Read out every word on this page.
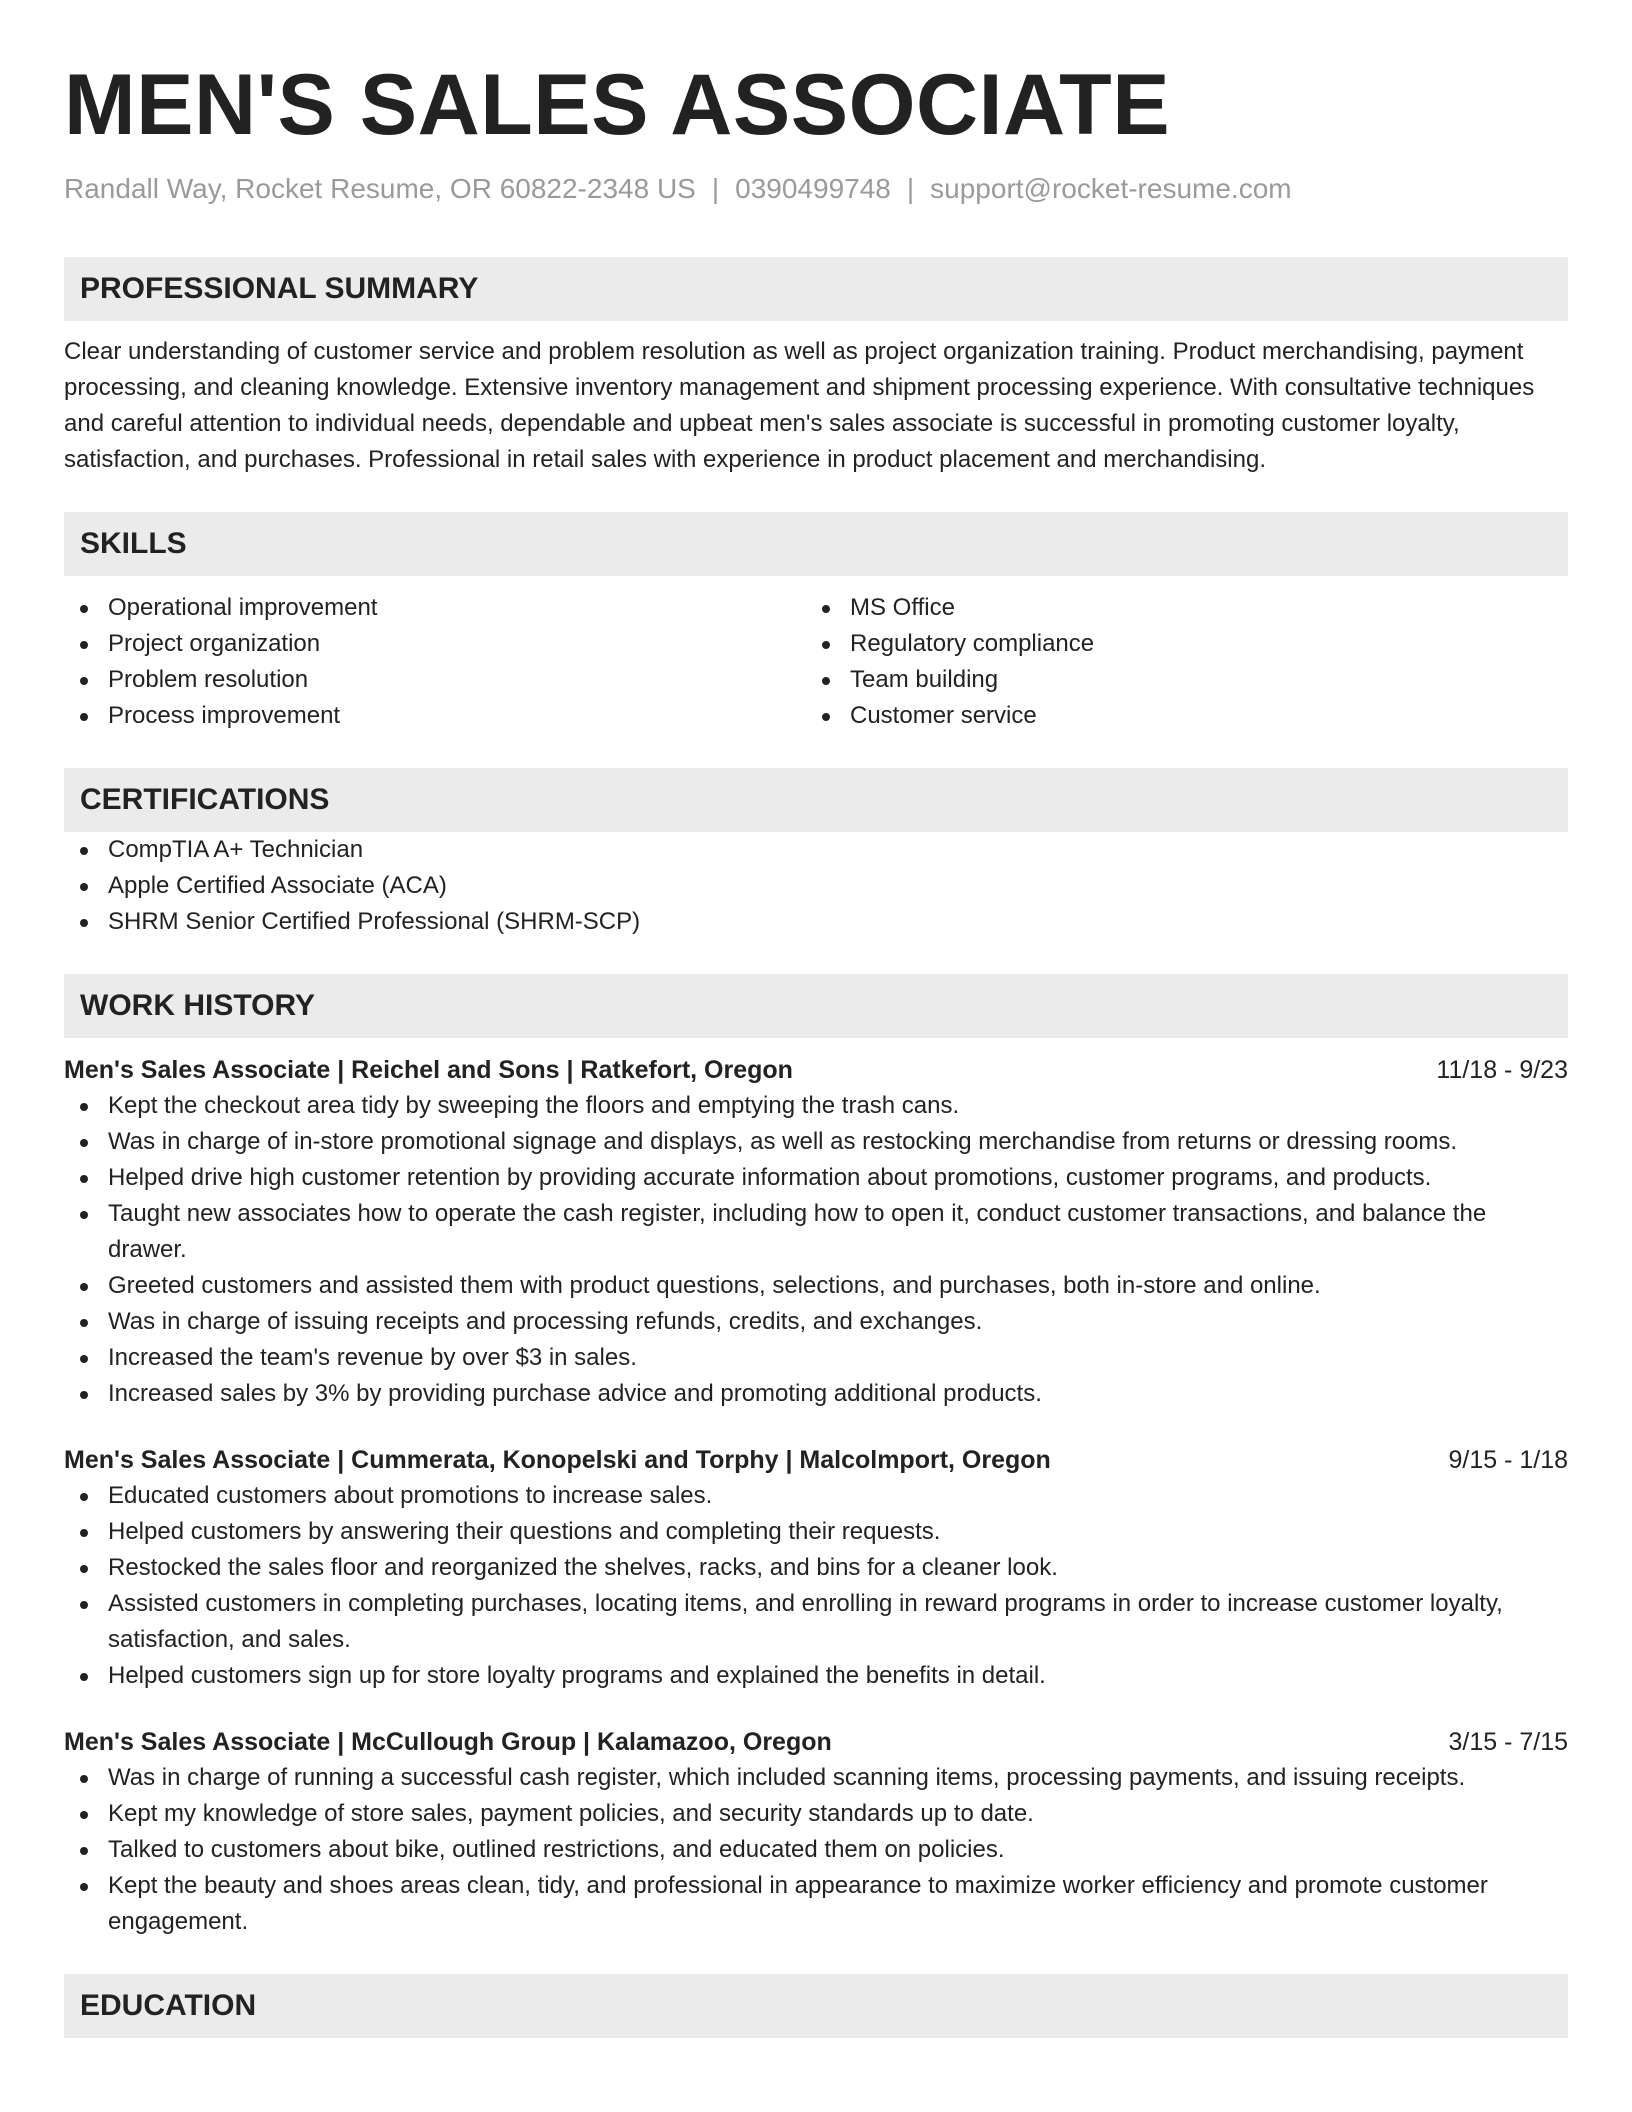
MEN'S SALES ASSOCIATE
Randall Way, Rocket Resume, OR 60822-2348 US | 0390499748 | support@rocket-resume.com
PROFESSIONAL SUMMARY
Clear understanding of customer service and problem resolution as well as project organization training. Product merchandising, payment processing, and cleaning knowledge. Extensive inventory management and shipment processing experience. With consultative techniques and careful attention to individual needs, dependable and upbeat men's sales associate is successful in promoting customer loyalty, satisfaction, and purchases. Professional in retail sales with experience in product placement and merchandising.
SKILLS
Operational improvement
Project organization
Problem resolution
Process improvement
MS Office
Regulatory compliance
Team building
Customer service
CERTIFICATIONS
CompTIA A+ Technician
Apple Certified Associate (ACA)
SHRM Senior Certified Professional (SHRM-SCP)
WORK HISTORY
Men's Sales Associate | Reichel and Sons | Ratkefort, Oregon	11/18 - 9/23
Kept the checkout area tidy by sweeping the floors and emptying the trash cans.
Was in charge of in-store promotional signage and displays, as well as restocking merchandise from returns or dressing rooms.
Helped drive high customer retention by providing accurate information about promotions, customer programs, and products.
Taught new associates how to operate the cash register, including how to open it, conduct customer transactions, and balance the drawer.
Greeted customers and assisted them with product questions, selections, and purchases, both in-store and online.
Was in charge of issuing receipts and processing refunds, credits, and exchanges.
Increased the team's revenue by over $3 in sales.
Increased sales by 3% by providing purchase advice and promoting additional products.
Men's Sales Associate | Cummerata, Konopelski and Torphy | Malcolmport, Oregon	9/15 - 1/18
Educated customers about promotions to increase sales.
Helped customers by answering their questions and completing their requests.
Restocked the sales floor and reorganized the shelves, racks, and bins for a cleaner look.
Assisted customers in completing purchases, locating items, and enrolling in reward programs in order to increase customer loyalty, satisfaction, and sales.
Helped customers sign up for store loyalty programs and explained the benefits in detail.
Men's Sales Associate | McCullough Group | Kalamazoo, Oregon	3/15 - 7/15
Was in charge of running a successful cash register, which included scanning items, processing payments, and issuing receipts.
Kept my knowledge of store sales, payment policies, and security standards up to date.
Talked to customers about bike, outlined restrictions, and educated them on policies.
Kept the beauty and shoes areas clean, tidy, and professional in appearance to maximize worker efficiency and promote customer engagement.
EDUCATION
